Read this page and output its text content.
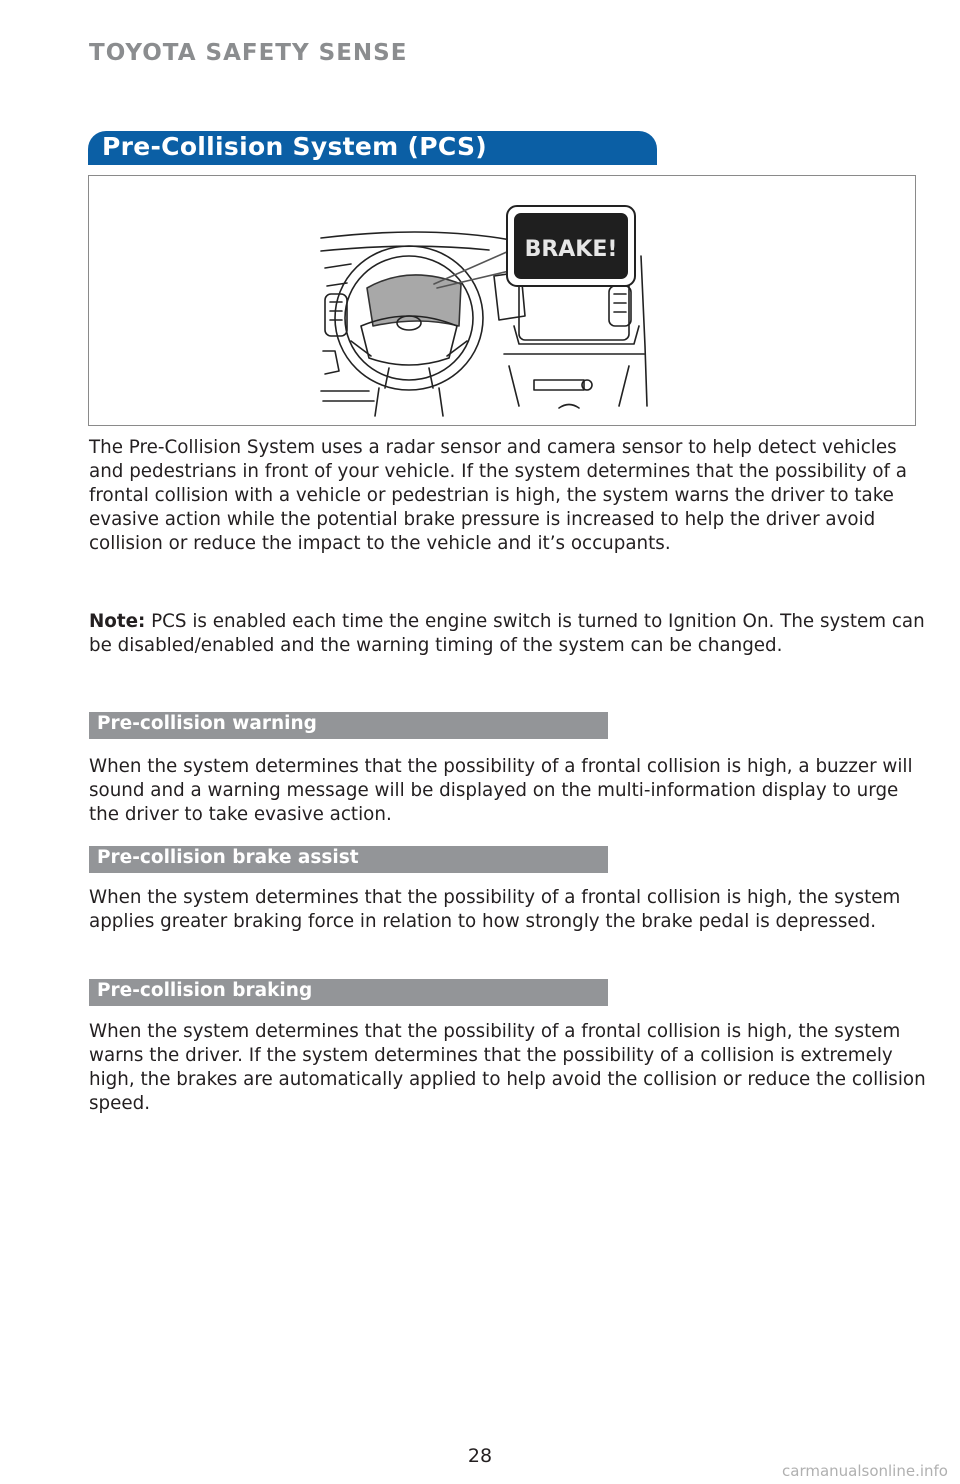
TOYOTA SAFETY SENSE
Pre-Collision System (PCS)
BRAKE!

The Pre-Collision System uses a radar sensor and camera sensor to help detect vehicles and pedestrians in front of your vehicle. If the system determines that the possibility of a frontal collision with a vehicle or pedestrian is high, the system warns the driver to take evasive action while the potential brake pressure is increased to help the driver avoid collision or reduce the impact to the vehicle and it’s occupants.

Note: PCS is enabled each time the engine switch is turned to Ignition On. The system can be disabled/enabled and the warning timing of the system can be changed.

Pre-collision warning

When the system determines that the possibility of a frontal collision is high, a buzzer will sound and a warning message will be displayed on the multi-information display to urge the driver to take evasive action.

Pre-collision brake assist

When the system determines that the possibility of a frontal collision is high, the system applies greater braking force in relation to how strongly the brake pedal is depressed.

Pre-collision braking

When the system determines that the possibility of a frontal collision is high, the system warns the driver. If the system determines that the possibility of a collision is extremely high, the brakes are automatically applied to help avoid the collision or reduce the collision speed.

28
carmanualsonline.info
